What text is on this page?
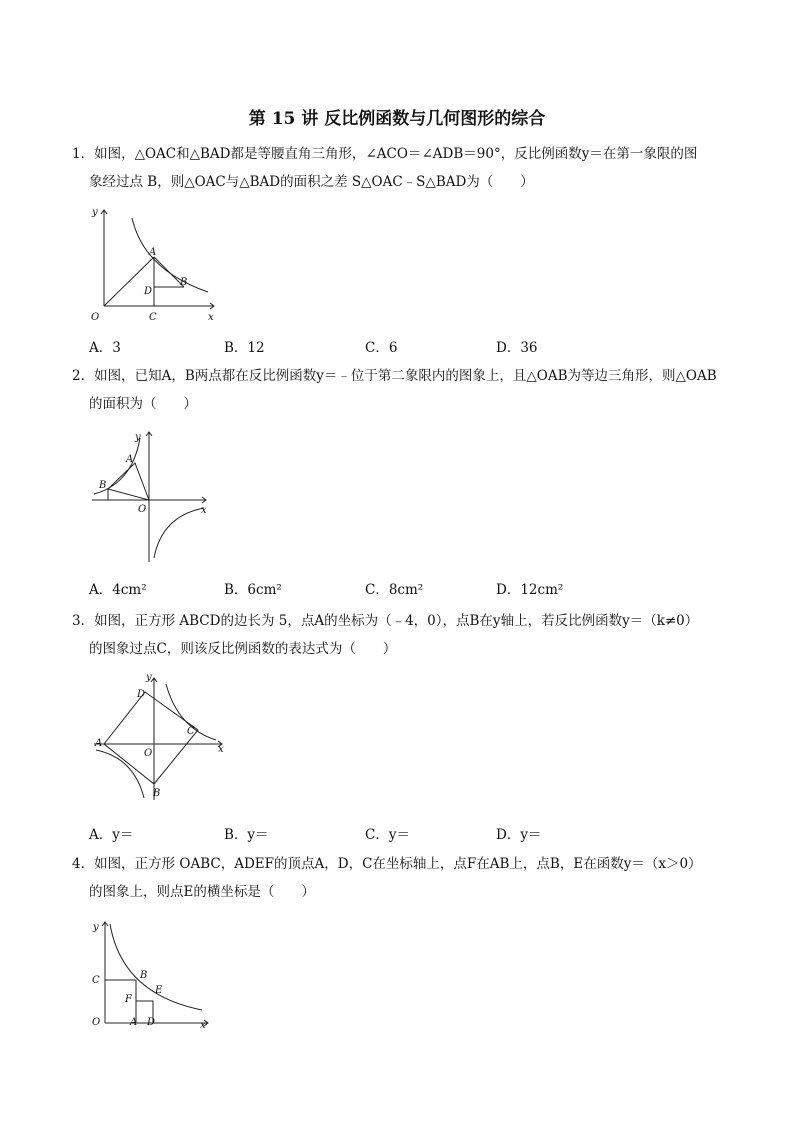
第 15 讲 反比例函数与几何图形的综合
1．如图，△OAC和△BAD都是等腰直角三角形，∠ACO＝∠ADB＝90°，反比例函数y＝在第一象限的图
象经过点 B，则△OAC与△BAD的面积之差 S△OAC﹣S△BAD为（　　）
y
x
O
A
B
C
D
A．3	B．12	C．6	D．36
2．如图，已知A，B两点都在反比例函数y＝﹣位于第二象限内的图象上，且△OAB为等边三角形，则△OAB
的面积为（　　）
y
x
O
A
B
A．4cm²	B．6cm²	C．8cm²	D．12cm²
3．如图，正方形 ABCD的边长为 5，点A的坐标为（﹣4，0），点B在y轴上，若反比例函数y＝（k≠0）
的图象过点C，则该反比例函数的表达式为（　　）
y
x
O
A
B
C
D
A．y＝	B．y＝	C．y＝	D．y＝
4．如图，正方形 OABC，ADEF的顶点A，D，C在坐标轴上，点F在AB上，点B，E在函数y＝（x＞0）
的图象上，则点E的横坐标是（　　）
y
x
O	A
B
C
D
E
F
